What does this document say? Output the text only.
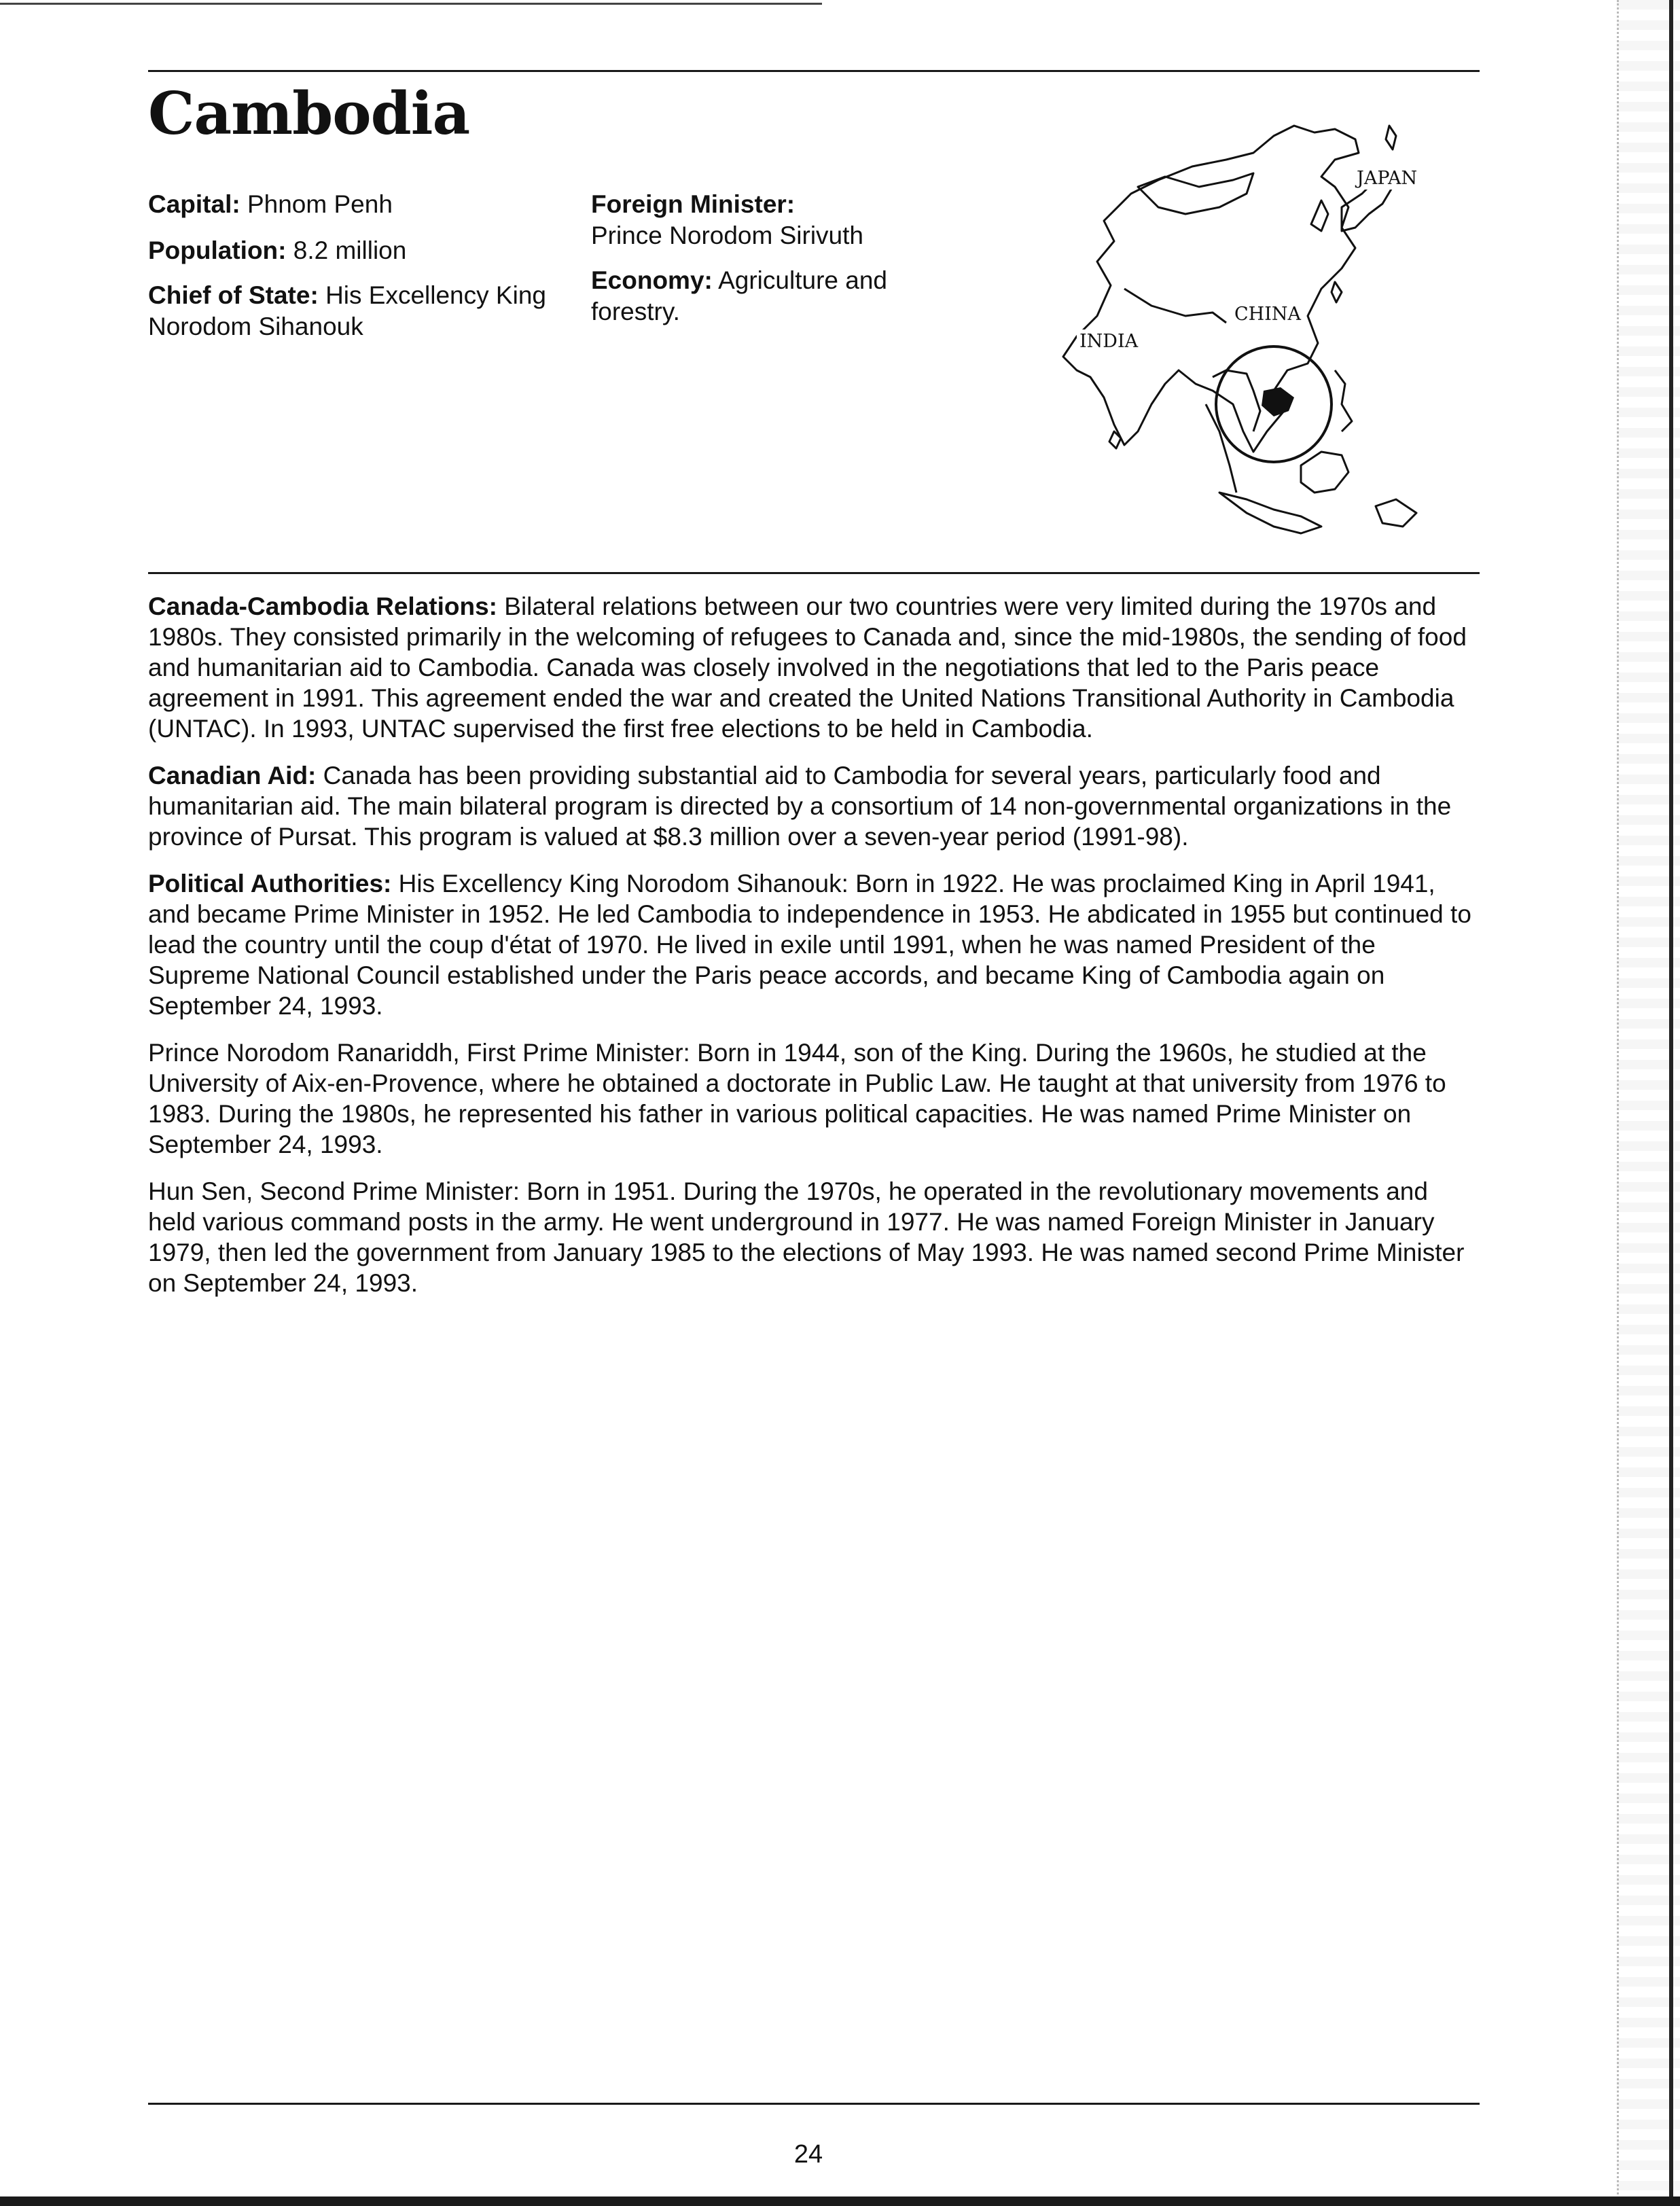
Cambodia

Capital: Phnom Penh

Population: 8.2 million

Chief of State: His Excellency King Norodom Sihanouk

Foreign Minister:
Prince Norodom Sirivuth

Economy: Agriculture and forestry.	CHINA
INDIA
JAPAN

Canada-Cambodia Relations: Bilateral relations between our two countries were very limited during the 1970s and 1980s. They consisted primarily in the welcoming of refugees to Canada and, since the mid-1980s, the sending of food and humanitarian aid to Cambodia. Canada was closely involved in the negotiations that led to the Paris peace agreement in 1991. This agreement ended the war and created the United Nations Transitional Authority in Cambodia (UNTAC). In 1993, UNTAC supervised the first free elections to be held in Cambodia.

Canadian Aid: Canada has been providing substantial aid to Cambodia for several years, particularly food and humanitarian aid. The main bilateral program is directed by a consortium of 14 non-governmental organizations in the province of Pursat. This program is valued at $8.3 million over a seven-year period (1991-98).

Political Authorities: His Excellency King Norodom Sihanouk: Born in 1922. He was proclaimed King in April 1941, and became Prime Minister in 1952. He led Cambodia to independence in 1953. He abdicated in 1955 but continued to lead the country until the coup d'état of 1970. He lived in exile until 1991, when he was named President of the Supreme National Council established under the Paris peace accords, and became King of Cambodia again on September 24, 1993.

Prince Norodom Ranariddh, First Prime Minister: Born in 1944, son of the King. During the 1960s, he studied at the University of Aix-en-Provence, where he obtained a doctorate in Public Law. He taught at that university from 1976 to 1983. During the 1980s, he represented his father in various political capacities. He was named Prime Minister on September 24, 1993.

Hun Sen, Second Prime Minister: Born in 1951. During the 1970s, he operated in the revolutionary movements and held various command posts in the army. He went underground in 1977. He was named Foreign Minister in January 1979, then led the government from January 1985 to the elections of May 1993. He was named second Prime Minister on September 24, 1993.

24
